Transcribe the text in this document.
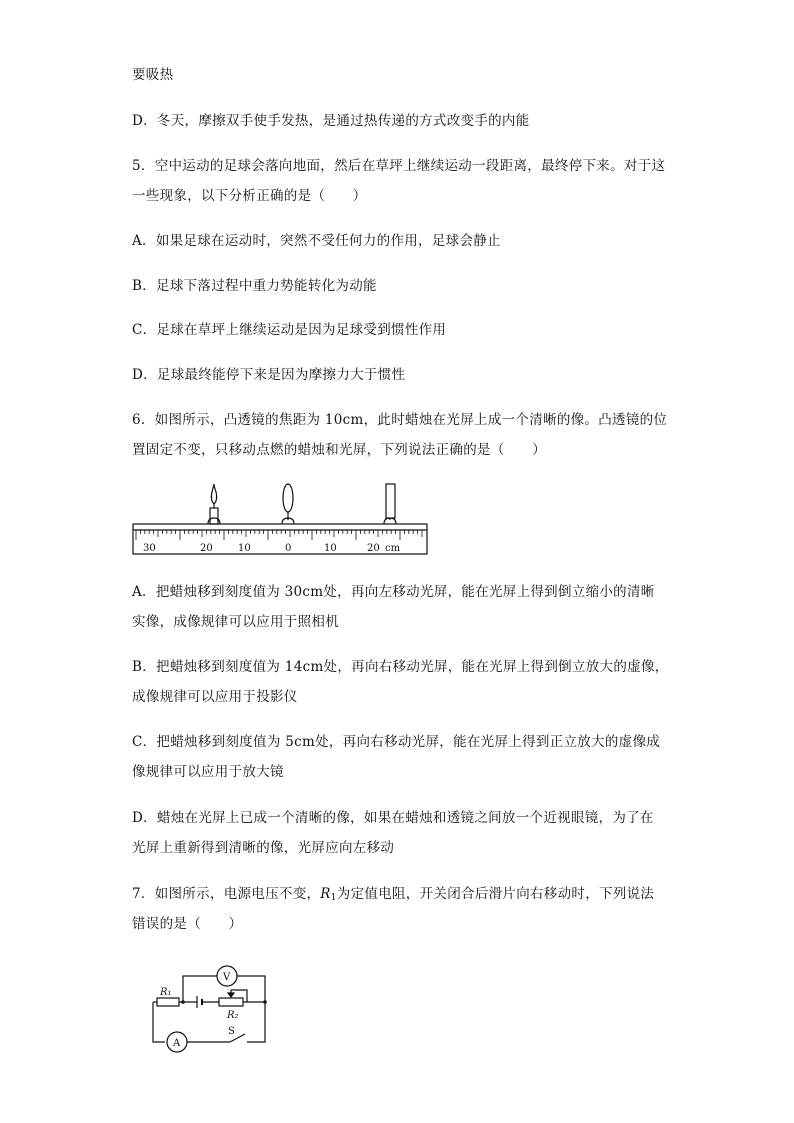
要吸热
D．冬天，摩擦双手使手发热，是通过热传递的方式改变手的内能
5．空中运动的足球会落向地面，然后在草坪上继续运动一段距离，最终停下来。对于这
一些现象，以下分析正确的是（　　）
A．如果足球在运动时，突然不受任何力的作用，足球会静止
B．足球下落过程中重力势能转化为动能
C．足球在草坪上继续运动是因为足球受到惯性作用
D．足球最终能停下来是因为摩擦力大于惯性
6．如图所示，凸透镜的焦距为 10cm，此时蜡烛在光屏上成一个清晰的像。凸透镜的位
置固定不变，只移动点燃的蜡烛和光屏，下列说法正确的是（　　）
30	20	10	0	10	20 cm
A．把蜡烛移到刻度值为 30cm处，再向左移动光屏，能在光屏上得到倒立缩小的清晰
实像，成像规律可以应用于照相机
B．把蜡烛移到刻度值为 14cm处，再向右移动光屏，能在光屏上得到倒立放大的虚像，
成像规律可以应用于投影仪
C．把蜡烛移到刻度值为 5cm处，再向右移动光屏，能在光屏上得到正立放大的虚像成
像规律可以应用于放大镜
D．蜡烛在光屏上已成一个清晰的像，如果在蜡烛和透镜之间放一个近视眼镜，为了在
光屏上重新得到清晰的像，光屏应向左移动
7．如图所示，电源电压不变，$R_1$为定值电阻，开关闭合后滑片向右移动时，下列说法
错误的是（　　）
V
A
S
R₁
R₂
